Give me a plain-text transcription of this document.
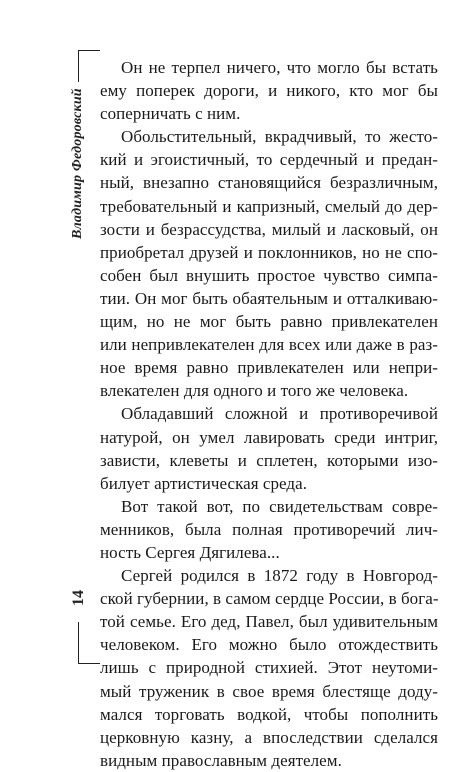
Владимир Федоровский
14
Он не терпел ничего, что могло бы встать
ему поперек дороги, и никого, кто мог бы
соперничать с ним.
Обольстительный, вкрадчивый, то жесто-
кий и эгоистичный, то сердечный и предан-
ный, внезапно становящийся безразличным,
требовательный и капризный, смелый до дер-
зости и безрассудства, милый и ласковый, он
приобретал друзей и поклонников, но не спо-
собен был внушить простое чувство симпа-
тии. Он мог быть обаятельным и отталкиваю-
щим, но не мог быть равно привлекателен
или непривлекателен для всех или даже в раз-
ное время равно привлекателен или непри-
влекателен для одного и того же человека.
Обладавший сложной и противоречивой
натурой, он умел лавировать среди интриг,
зависти, клеветы и сплетен, которыми изо-
билует артистическая среда.
Вот такой вот, по свидетельствам совре-
менников, была полная противоречий лич-
ность Сергея Дягилева...
Сергей родился в 1872 году в Новгород-
ской губернии, в самом сердце России, в бога-
той семье. Его дед, Павел, был удивительным
человеком. Его можно было отождествить
лишь с природной стихией. Этот неутоми-
мый труженик в свое время блестяще доду-
мался торговать водкой, чтобы пополнить
церковную казну, а впоследствии сделался
видным православным деятелем.
